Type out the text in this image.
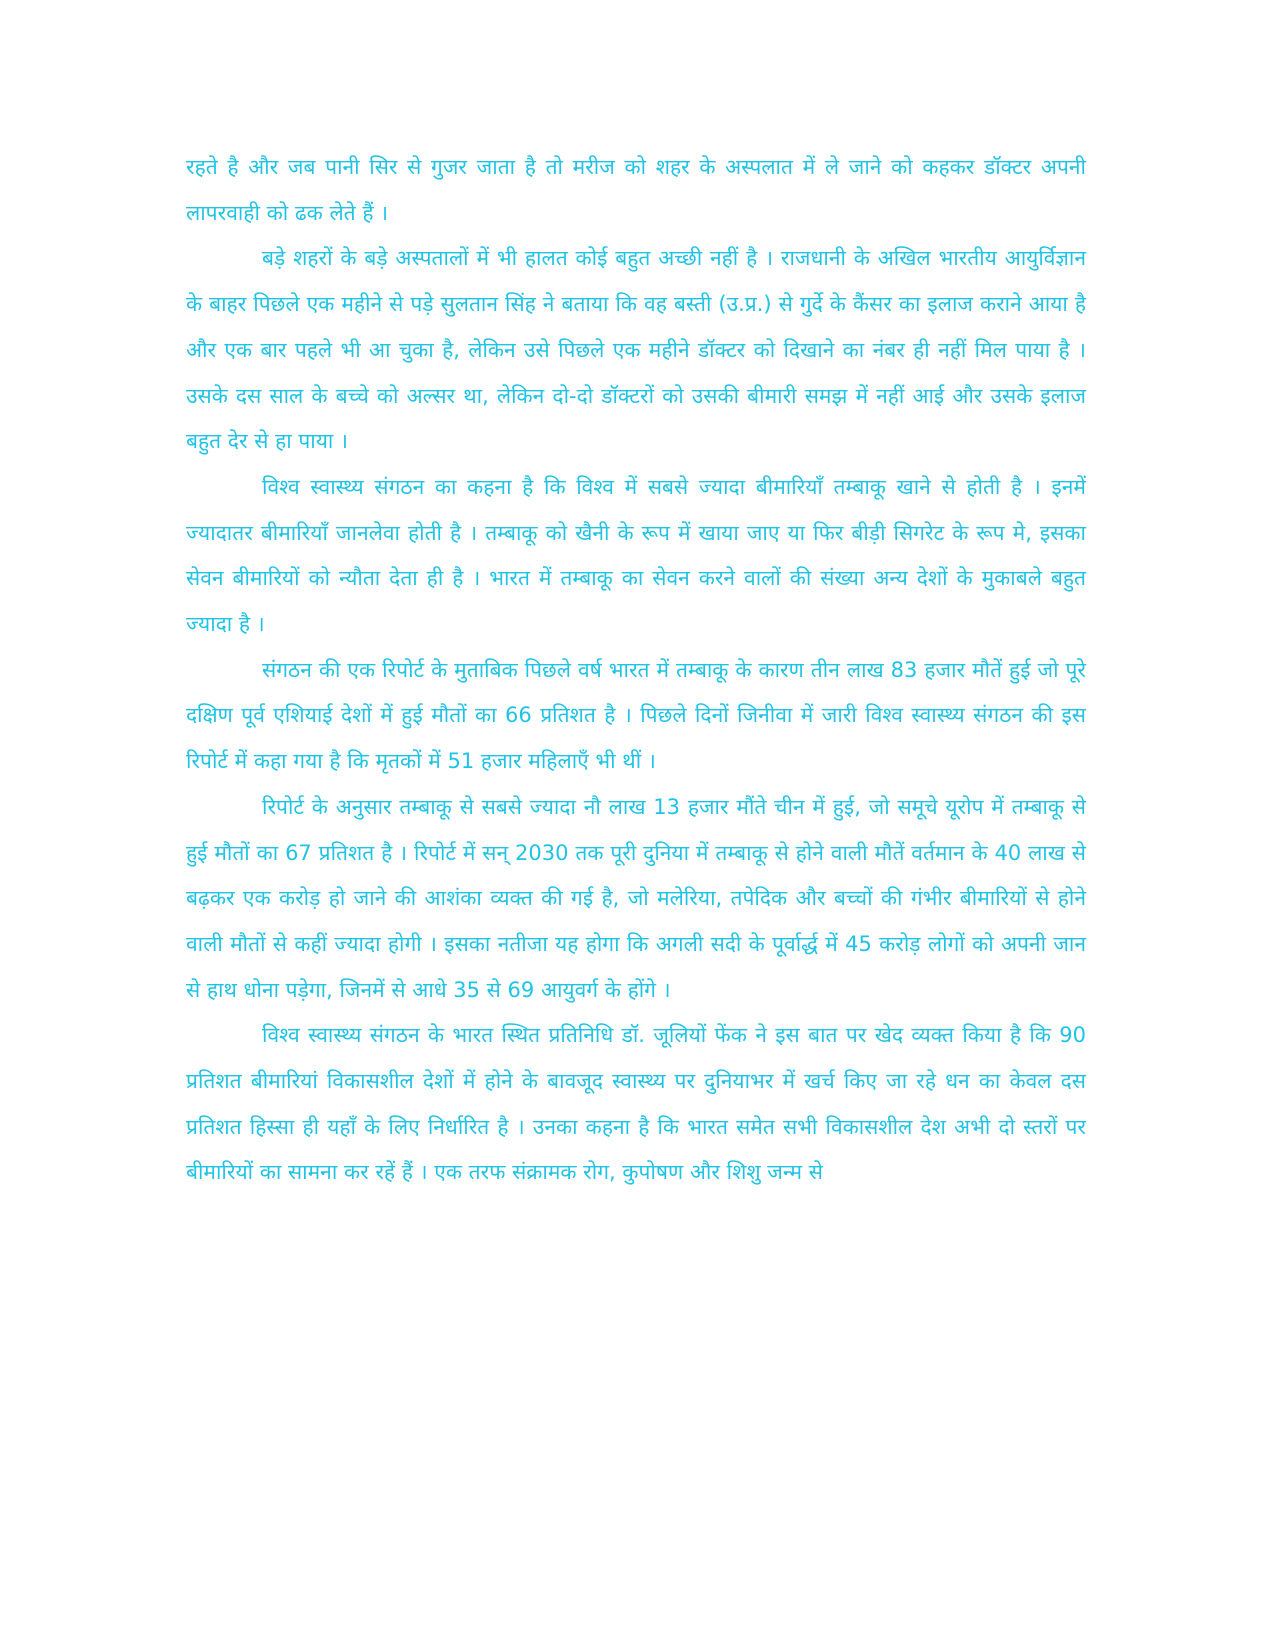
रहते है और जब पानी सिर से गुजर जाता है तो मरीज को शहर के अस्पलात में ले जाने को कहकर डॉक्टर अपनी लापरवाही को ढक लेते हैं ।

बड़े शहरों के बड़े अस्पतालों में भी हालत कोई बहुत अच्छी नहीं है । राजधानी के अखिल भारतीय आयुर्विज्ञान के बाहर पिछले एक महीने से पड़े सुलतान सिंह ने बताया कि वह बस्ती (उ.प्र.) से गुर्दे के कैंसर का इलाज कराने आया है और एक बार पहले भी आ चुका है, लेकिन उसे पिछले एक महीने डॉक्टर को दिखाने का नंबर ही नहीं मिल पाया है । उसके दस साल के बच्चे को अल्सर था, लेकिन दो-दो डॉक्टरों को उसकी बीमारी समझ में नहीं आई और उसके इलाज बहुत देर से हा पाया ।

विश्व स्वास्थ्य संगठन का कहना है कि विश्व में सबसे ज्यादा बीमारियाँ तम्बाकू खाने से होती है । इनमें ज्यादातर बीमारियाँ जानलेवा होती है । तम्बाकू को खैनी के रूप में खाया जाए या फिर बीड़ी सिगरेट के रूप मे, इसका सेवन बीमारियों को न्यौता देता ही है । भारत में तम्बाकू का सेवन करने वालों की संख्या अन्य देशों के मुकाबले बहुत ज्यादा है ।

संगठन की एक रिपोर्ट के मुताबिक पिछले वर्ष भारत में तम्बाकू के कारण तीन लाख 83 हजार मौतें हुई जो पूरे दक्षिण पूर्व एशियाई देशों में हुई मौतों का 66 प्रतिशत है । पिछले दिनों जिनीवा में जारी विश्व स्वास्थ्य संगठन की इस रिपोर्ट में कहा गया है कि मृतकों में 51 हजार महिलाएँ भी थीं ।

रिपोर्ट के अनुसार तम्बाकू से सबसे ज्यादा नौ लाख 13 हजार मौंते चीन में हुई, जो समूचे यूरोप में तम्बाकू से हुई मौतों का 67 प्रतिशत है । रिपोर्ट में सन् 2030 तक पूरी दुनिया में तम्बाकू से होने वाली मौतें वर्तमान के 40 लाख से बढ़कर एक करोड़ हो जाने की आशंका व्यक्त की गई है, जो मलेरिया, तपेदिक और बच्चों की गंभीर बीमारियों से होने वाली मौतों से कहीं ज्यादा होगी । इसका नतीजा यह होगा कि अगली सदी के पूर्वार्द्ध में 45 करोड़ लोगों को अपनी जान से हाथ धोना पड़ेगा, जिनमें से आधे 35 से 69 आयुवर्ग के होंगे ।

विश्व स्वास्थ्य संगठन के भारत स्थित प्रतिनिधि डॉ. जूलियों फेंक ने इस बात पर खेद व्यक्त किया है कि 90 प्रतिशत बीमारियां विकासशील देशों में होने के बावजूद स्वास्थ्य पर दुनियाभर में खर्च किए जा रहे धन का केवल दस प्रतिशत हिस्सा ही यहाँ के लिए निर्धारित है । उनका कहना है कि भारत समेत सभी विकासशील देश अभी दो स्तरों पर बीमारियों का सामना कर रहें हैं । एक तरफ संक्रामक रोग, कुपोषण और शिशु जन्म से
